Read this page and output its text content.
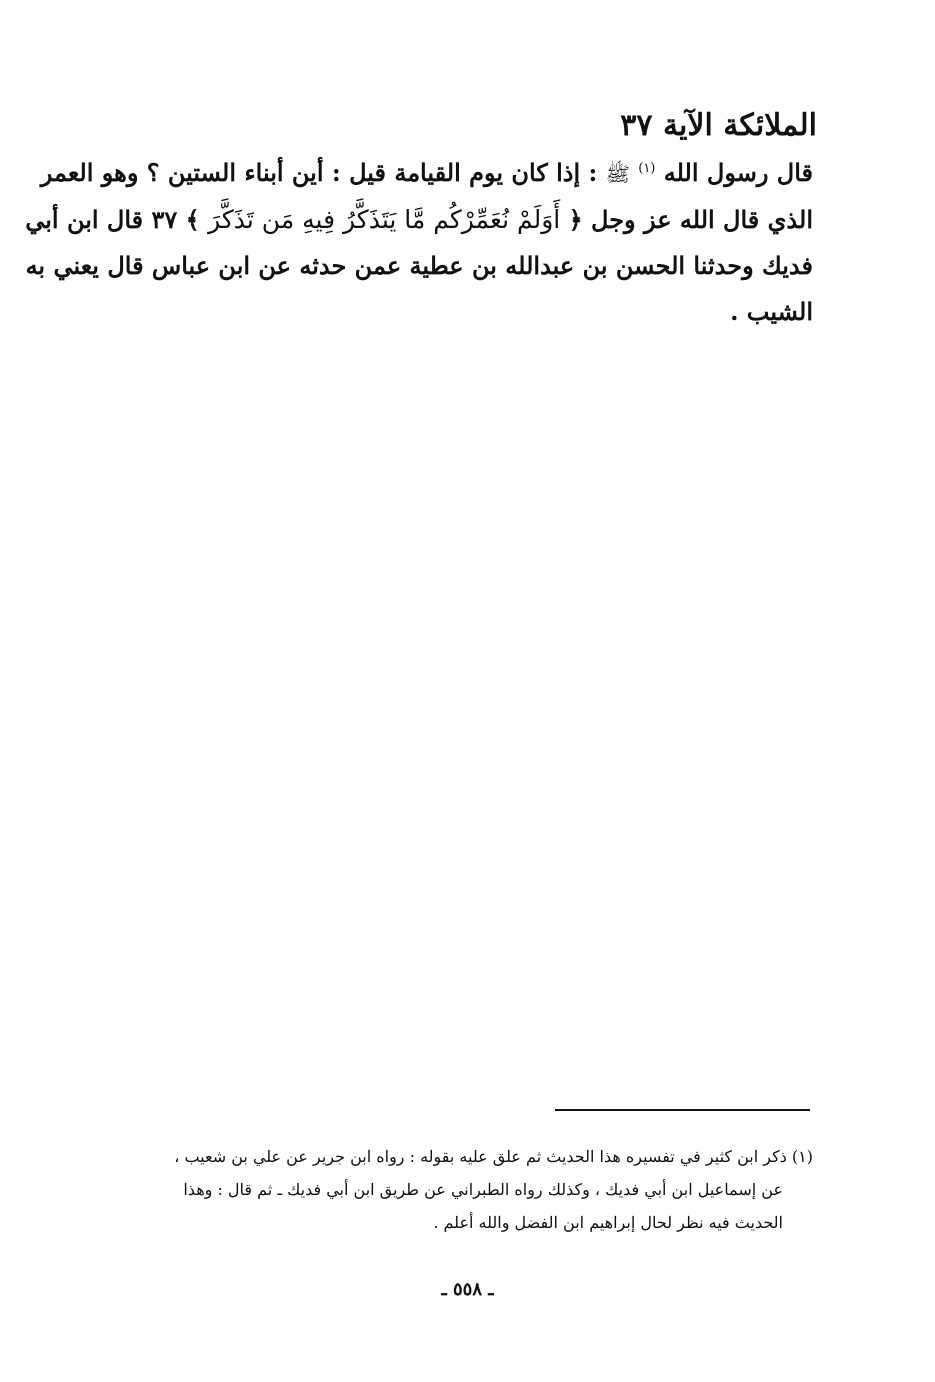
الملائكة الآية ٣٧
قال رسول الله $^{(١)}$ ﷺ : إذا كان يوم القيامة قيل : أين أبناء الستين ؟ وهو العمر
الذي قال الله عز وجل ﴿ أَوَلَمْ نُعَمِّرْكُم مَّا يَتَذَكَّرُ فِيهِ مَن تَذَكَّرَ ﴾ ٣٧ قال ابن أبي
فديك وحدثنا الحسن بن عبدالله بن عطية عمن حدثه عن ابن عباس قال يعني به
الشيب .
(١) ذكر ابن كثير في تفسيره هذا الحديث ثم علق عليه بقوله : رواه ابن جرير عن علي بن شعيب ،
عن إسماعيل ابن أبي فديك ، وكذلك رواه الطبراني عن طريق ابن أبي فديك ـ ثم قال : وهذا
الحديث فيه نظر لحال إبراهيم ابن الفضل والله أعلم .
ـ ٥٥٨ ـ
